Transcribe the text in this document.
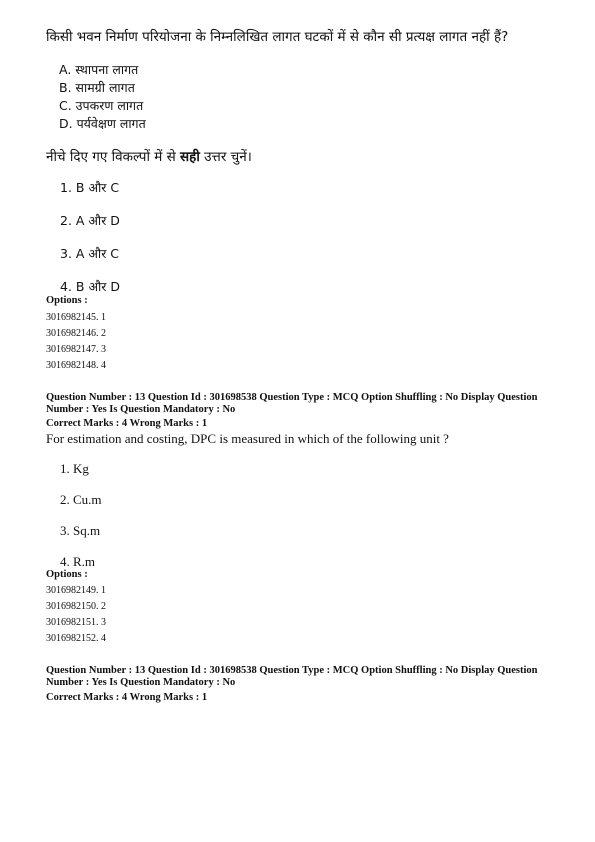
किसी भवन निर्माण परियोजना के निम्नलिखित लागत घटकों में से कौन सी प्रत्यक्ष लागत नहीं हैं?
A. स्थापना लागत
B. सामग्री लागत
C. उपकरण लागत
D. पर्यवेक्षण लागत
नीचे दिए गए विकल्पों में से सही उत्तर चुनें।
1. B और C
2. A और D
3. A और C
4. B और D
Options :
3016982145. 1
3016982146. 2
3016982147. 3
3016982148. 4
Question Number : 13 Question Id : 301698538 Question Type : MCQ Option Shuffling : No Display Question
Number : Yes Is Question Mandatory : No
Correct Marks : 4 Wrong Marks : 1
For estimation and costing, DPC is measured in which of the following unit ?
1. Kg
2. Cu.m
3. Sq.m
4. R.m
Options :
3016982149. 1
3016982150. 2
3016982151. 3
3016982152. 4
Question Number : 13 Question Id : 301698538 Question Type : MCQ Option Shuffling : No Display Question
Number : Yes Is Question Mandatory : No
Correct Marks : 4 Wrong Marks : 1
